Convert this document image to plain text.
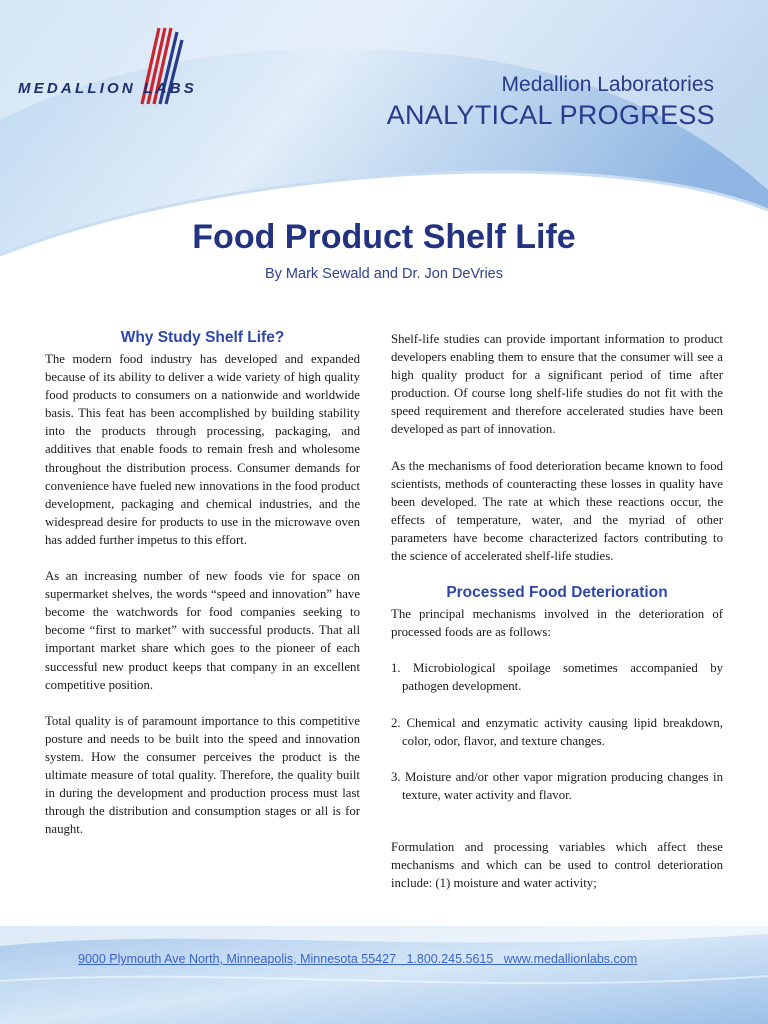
MEDALLION LABS	Medallion Laboratories
ANALYTICAL PROGRESS
Food Product Shelf Life
By Mark Sewald and Dr. Jon DeVries
Why Study Shelf Life?

The modern food industry has developed and expanded because of its ability to deliver a wide variety of high quality food products to consumers on a nationwide and worldwide basis. This feat has been accomplished by building stability into the products through processing, packaging, and additives that enable foods to remain fresh and wholesome throughout the distribution process. Consumer demands for convenience have fueled new innovations in the food product development, packaging and chemical industries, and the widespread desire for products to use in the microwave oven has added further impetus to this effort.

As an increasing number of new foods vie for space on supermarket shelves, the words “speed and innovation” have become the watchwords for food companies seeking to become “first to market” with successful products. That all important market share which goes to the pioneer of each successful new product keeps that company in an excellent competitive position.

Total quality is of paramount importance to this competitive posture and needs to be built into the speed and innovation system. How the consumer perceives the product is the ultimate measure of total quality. Therefore, the quality built in during the development and production process must last through the distribution and consumption stages or all is for naught.

Shelf-life studies can provide important information to product developers enabling them to ensure that the consumer will see a high quality product for a significant period of time after production. Of course long shelf-life studies do not fit with the speed requirement and therefore accelerated studies have been developed as part of innovation.

As the mechanisms of food deterioration became known to food scientists, methods of counteracting these losses in quality have been developed. The rate at which these reactions occur, the effects of temperature, water, and the myriad of other parameters have become characterized factors contributing to the science of accelerated shelf-life studies.

Processed Food Deterioration

The principal mechanisms involved in the deterioration of processed foods are as follows:

1. Microbiological spoilage sometimes accompanied by pathogen development.
2. Chemical and enzymatic activity causing lipid breakdown, color, odor, flavor, and texture changes.
3. Moisture and/or other vapor migration producing changes in texture, water activity and flavor.

Formulation and processing variables which affect these mechanisms and which can be used to control deterioration include: (1) moisture and water activity;

9000 Plymouth Ave North, Minneapolis, Minnesota 55427   1.800.245.5615   www.medallionlabs.com
